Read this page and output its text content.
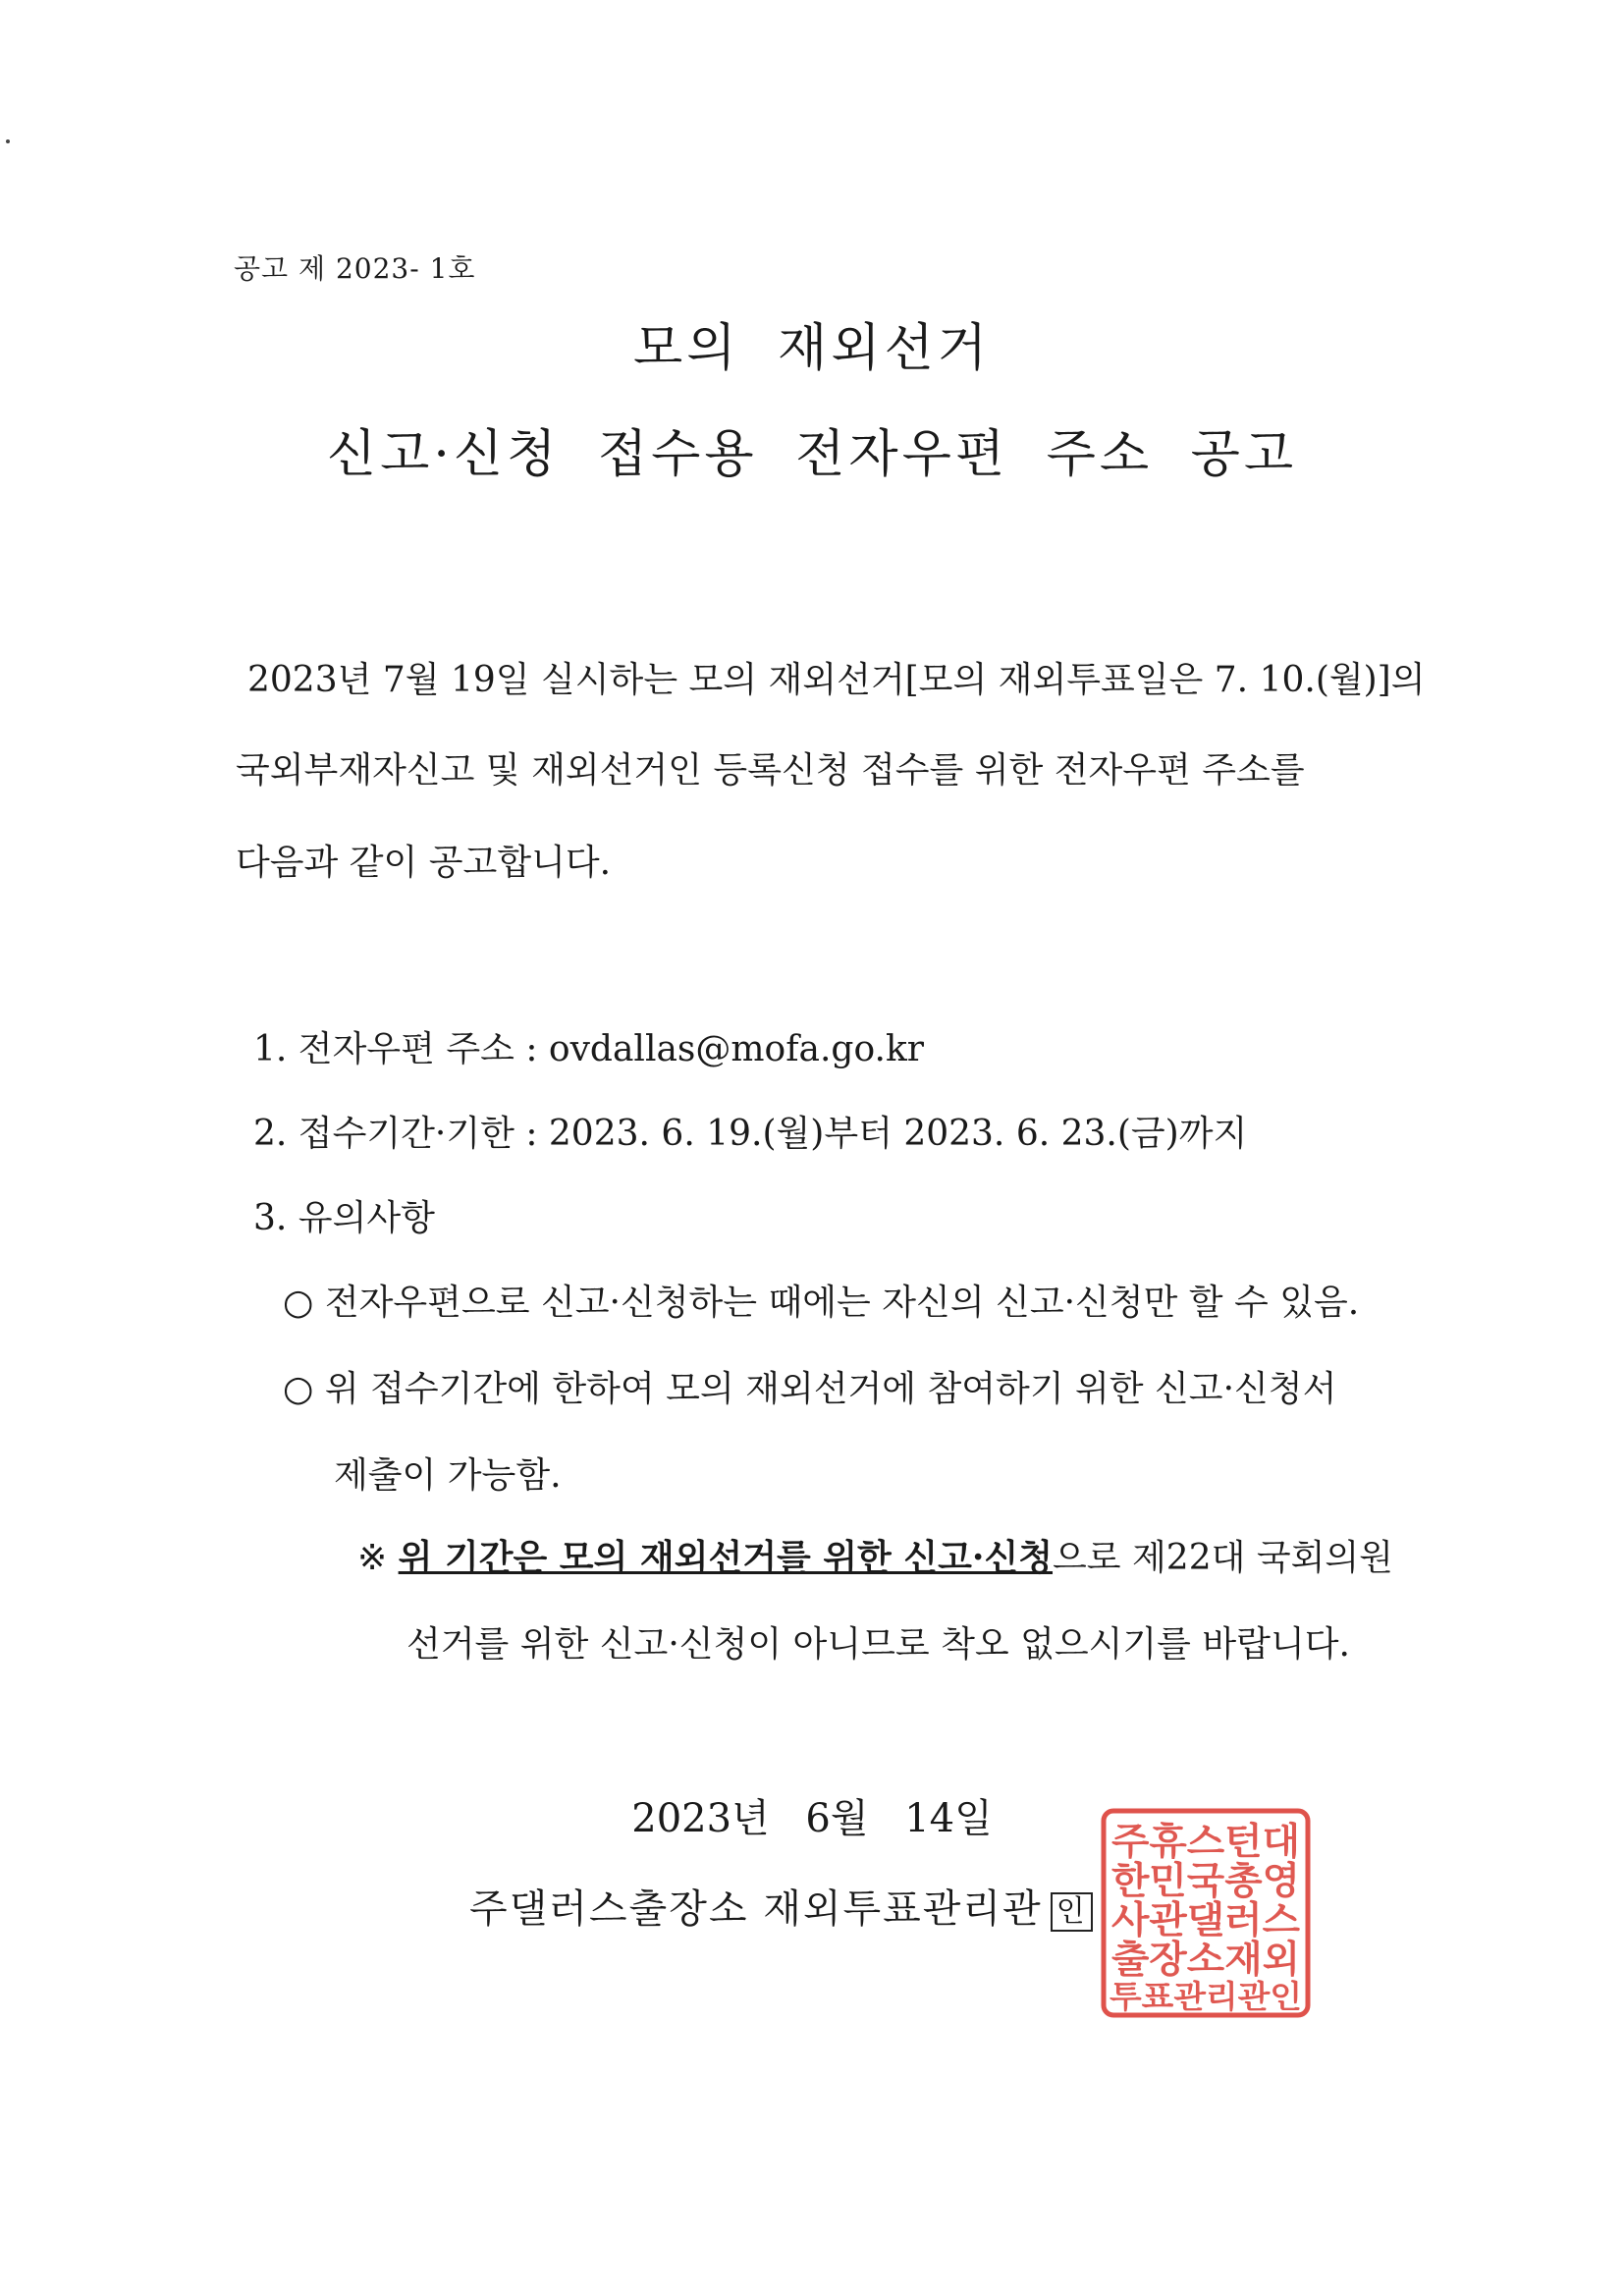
공고 제 2023- 1호
모의 재외선거
신고·신청 접수용 전자우편 주소 공고
2023년 7월 19일 실시하는 모의 재외선거[모의 재외투표일은 7. 10.(월)]의
국외부재자신고 및 재외선거인 등록신청 접수를 위한 전자우편 주소를
다음과 같이 공고합니다.
1. 전자우편 주소 : ovdallas@mofa.go.kr
2. 접수기간·기한 : 2023. 6. 19.(월)부터 2023. 6. 23.(금)까지
3. 유의사항
○ 전자우편으로 신고·신청하는 때에는 자신의 신고·신청만 할 수 있음.
○ 위 접수기간에 한하여 모의 재외선거에 참여하기 위한 신고·신청서
제출이 가능함.
※ 위 기간은 모의 재외선거를 위한 신고·신청으로 제22대 국회의원
선거를 위한 신고·신청이 아니므로 착오 없으시기를 바랍니다.
2023년 6월 14일
주댈러스출장소 재외투표관리관 인
주휴스턴대
한민국총영
사관댈러스
출장소재외
투표관리관인
